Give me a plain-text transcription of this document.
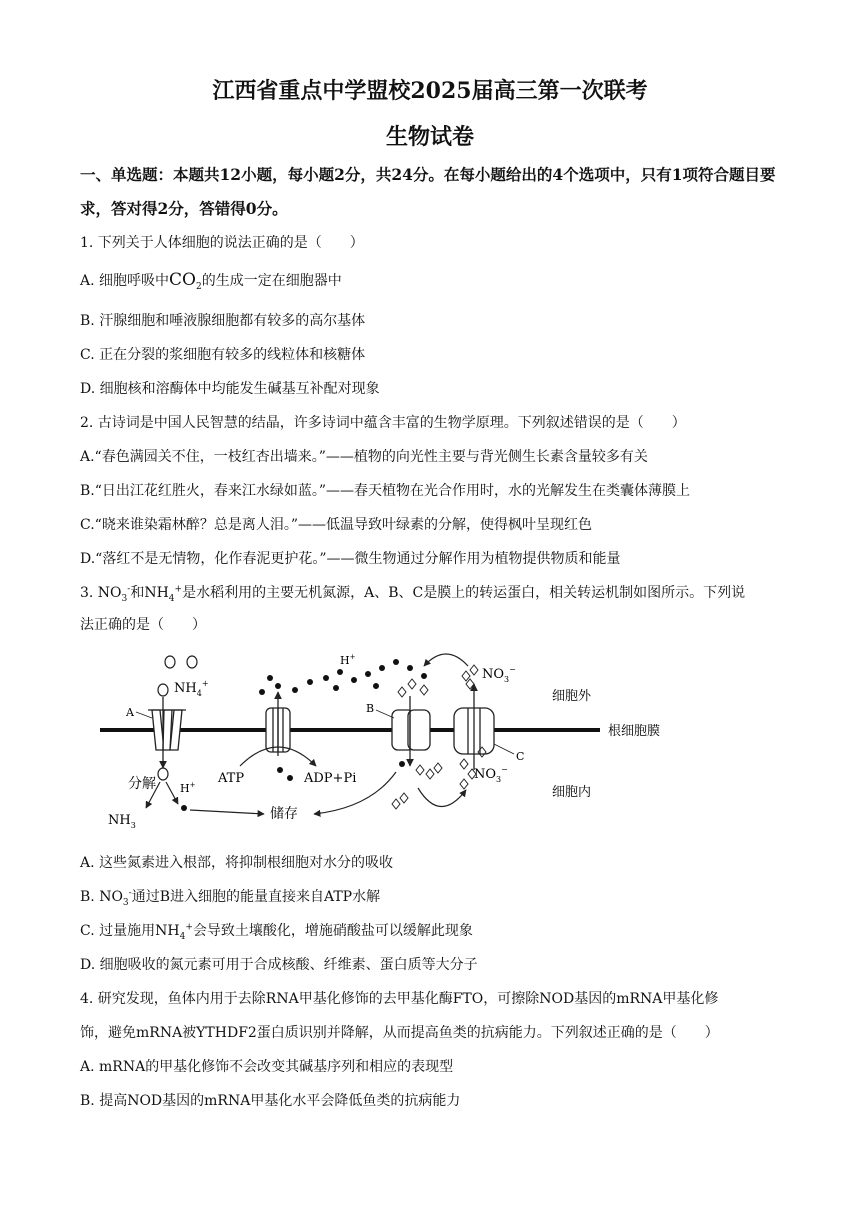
江西省重点中学盟校2025届高三第一次联考
生物试卷
一、单选题：本题共12小题，每小题2分，共24分。在每小题给出的4个选项中，只有1项符合题目要求，答对得2分，答错得0分。
1. 下列关于人体细胞的说法正确的是（　　）
A. 细胞呼吸中$CO_2$的生成一定在细胞器中
B. 汗腺细胞和唾液腺细胞都有较多的高尔基体
C. 正在分裂的浆细胞有较多的线粒体和核糖体
D. 细胞核和溶酶体中均能发生碱基互补配对现象
2. 古诗词是中国人民智慧的结晶，许多诗词中蕴含丰富的生物学原理。下列叙述错误的是（　　）
A.“春色满园关不住，一枝红杏出墙来。”——植物的向光性主要与背光侧生长素含量较多有关
B.“日出江花红胜火，春来江水绿如蓝。”——春天植物在光合作用时，水的光解发生在类囊体薄膜上
C.“晓来谁染霜林醉？总是离人泪。”——低温导致叶绿素的分解，使得枫叶呈现红色
D.“落红不是无情物，化作春泥更护花。”——微生物通过分解作用为植物提供物质和能量
3. $NO_3^-$和$NH_4^+$是水稻利用的主要无机氮源，A、B、C是膜上的转运蛋白，相关转运机制如图所示。下列说
法正确的是（　　）
A
$NH_4^+$
分解
$NH_3$
H+
H+
ATP	ADP+Pi
储存
B
C
$NO_3^-$
$NO_3^-$
细胞外
根细胞膜
细胞内
A. 这些氮素进入根部，将抑制根细胞对水分的吸收
B. $NO_3^-$通过B进入细胞的能量直接来自ATP水解
C. 过量施用$NH_4^+$会导致土壤酸化，增施硝酸盐可以缓解此现象
D. 细胞吸收的氮元素可用于合成核酸、纤维素、蛋白质等大分子
4. 研究发现，鱼体内用于去除RNA甲基化修饰的去甲基化酶FTO，可擦除NOD基因的mRNA甲基化修
饰，避免mRNA被YTHDF2蛋白质识别并降解，从而提高鱼类的抗病能力。下列叙述正确的是（　　）
A. mRNA的甲基化修饰不会改变其碱基序列和相应的表现型
B. 提高NOD基因的mRNA甲基化水平会降低鱼类的抗病能力
